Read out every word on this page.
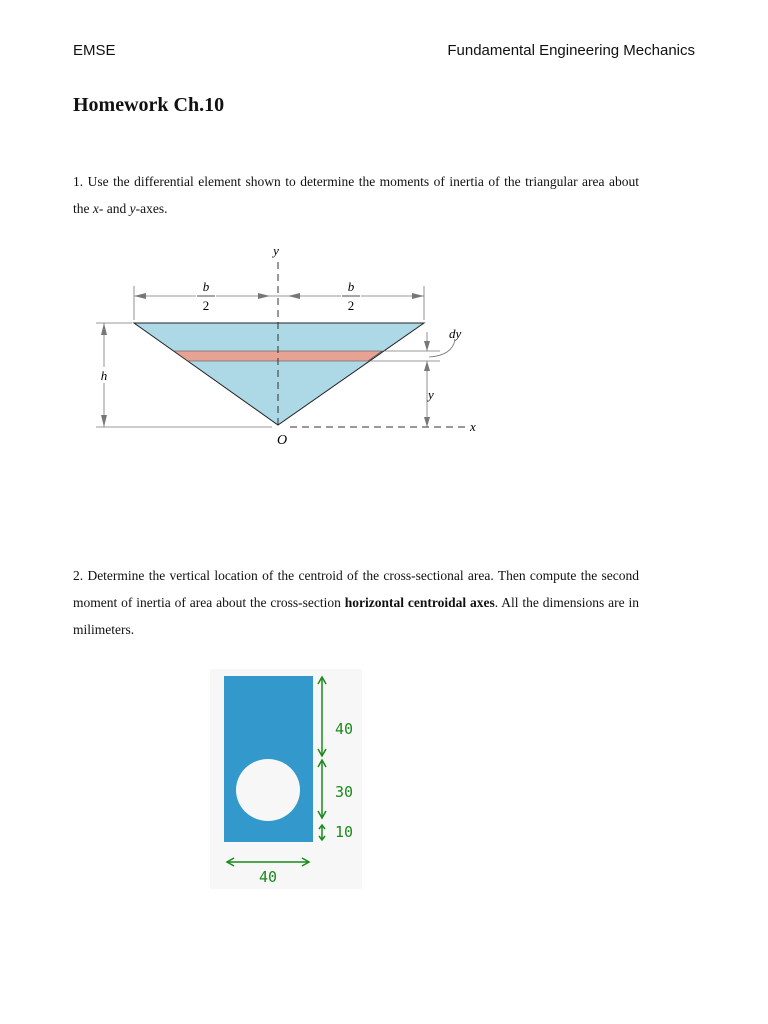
EMSE	Fundamental Engineering Mechanics
Homework Ch.10
1. Use the differential element shown to determine the moments of inertia of the triangular area about the x- and y-axes.
b
2
b
2
y
x
O
h
dy
y
2. Determine the vertical location of the centroid of the cross-sectional area. Then compute the second moment of inertia of area about the cross-section horizontal centroidal axes. All the dimensions are in milimeters.
40
30
10
40
